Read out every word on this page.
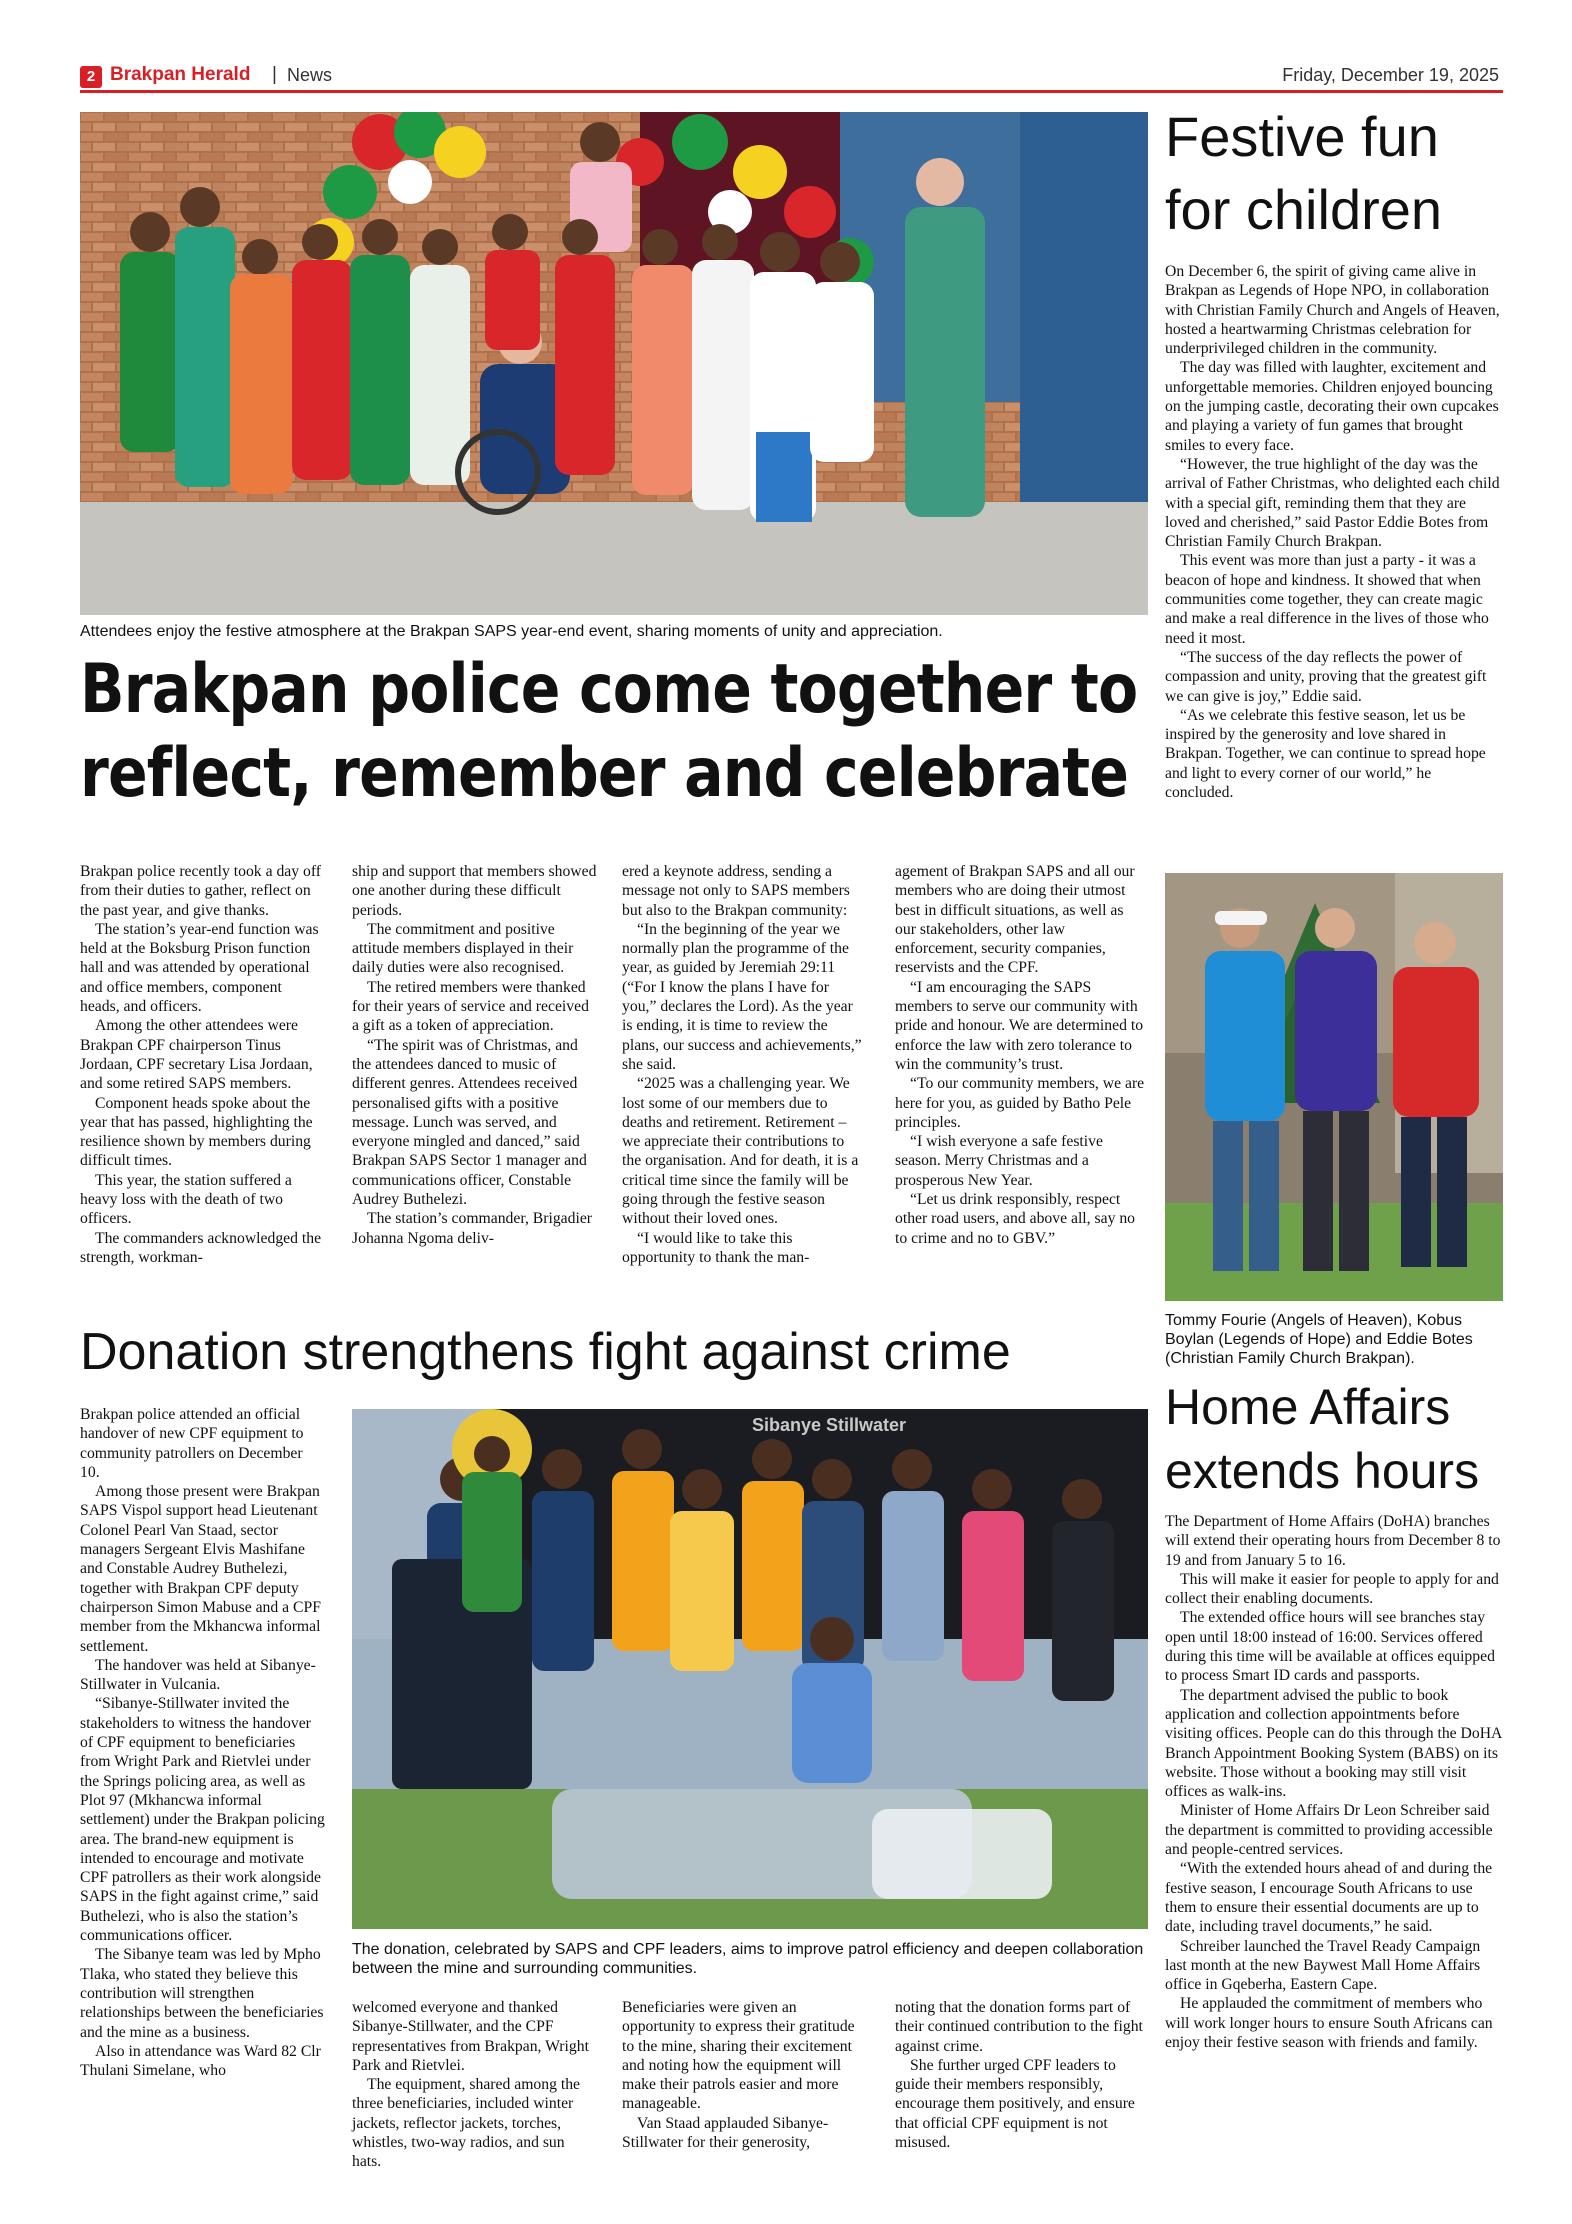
2 Brakpan Herald | News	Friday, December 19, 2025
Attendees enjoy the festive atmosphere at the Brakpan SAPS year-end event, sharing moments of unity and appreciation.
Brakpan police come together to
reflect, remember and celebrate

Brakpan police recently took a day off from their duties to gather, reflect on the past year, and give thanks.

The station’s year-end function was held at the Boksburg Prison function hall and was attended by operational and office members, component heads, and officers.

Among the other attendees were Brakpan CPF chairperson Tinus Jordaan, CPF secretary Lisa Jordaan, and some retired SAPS members.

Component heads spoke about the year that has passed, highlighting the resilience shown by members during difficult times.

This year, the station suffered a heavy loss with the death of two officers.

The commanders acknowledged the strength, workman-

ship and support that members showed one another during these difficult periods.

The commitment and positive attitude members displayed in their daily duties were also recognised.

The retired members were thanked for their years of service and received a gift as a token of appreciation.

“The spirit was of Christmas, and the attendees danced to music of different genres. Attendees received personalised gifts with a positive message. Lunch was served, and everyone mingled and danced,” said Brakpan SAPS Sector 1 manager and communications officer, Constable Audrey Buthelezi.

The station’s commander, Brigadier Johanna Ngoma deliv-

ered a keynote address, sending a message not only to SAPS members but also to the Brakpan community:

“In the beginning of the year we normally plan the programme of the year, as guided by Jeremiah 29:11 (“For I know the plans I have for you,” declares the Lord). As the year is ending, it is time to review the plans, our success and achievements,” she said.

“2025 was a challenging year. We lost some of our members due to deaths and retirement. Retirement – we appreciate their contributions to the organisation. And for death, it is a critical time since the family will be going through the festive season without their loved ones.

“I would like to take this opportunity to thank the man-

agement of Brakpan SAPS and all our members who are doing their utmost best in difficult situations, as well as our stakeholders, other law enforcement, security companies, reservists and the CPF.

“I am encouraging the SAPS members to serve our community with pride and honour. We are determined to enforce the law with zero tolerance to win the community’s trust.

“To our community members, we are here for you, as guided by Batho Pele principles.

“I wish everyone a safe festive season. Merry Christmas and a prosperous New Year.

“Let us drink responsibly, respect other road users, and above all, say no to crime and no to GBV.”

Festive fun
for children

On December 6, the spirit of giving came alive in Brakpan as Legends of Hope NPO, in collaboration with Christian Family Church and Angels of Heaven, hosted a heartwarming Christmas celebration for underprivileged children in the community.

The day was filled with laughter, excitement and unforgettable memories. Children enjoyed bouncing on the jumping castle, decorating their own cupcakes and playing a variety of fun games that brought smiles to every face.

“However, the true highlight of the day was the arrival of Father Christmas, who delighted each child with a special gift, reminding them that they are loved and cherished,” said Pastor Eddie Botes from Christian Family Church Brakpan.

This event was more than just a party - it was a beacon of hope and kindness. It showed that when communities come together, they can create magic and make a real difference in the lives of those who need it most.

“The success of the day reflects the power of compassion and unity, proving that the greatest gift we can give is joy,” Eddie said.

“As we celebrate this festive season, let us be inspired by the generosity and love shared in Brakpan. Together, we can continue to spread hope and light to every corner of our world,” he concluded.

Tommy Fourie (Angels of Heaven), Kobus Boylan (Legends of Hope) and Eddie Botes (Christian Family Church Brakpan).
Donation strengthens fight against crime

Brakpan police attended an official handover of new CPF equipment to community patrollers on December 10.

Among those present were Brakpan SAPS Vispol support head Lieutenant Colonel Pearl Van Staad, sector managers Sergeant Elvis Mashifane and Constable Audrey Buthelezi, together with Brakpan CPF deputy chairperson Simon Mabuse and a CPF member from the Mkhancwa informal settlement.

The handover was held at Sibanye-Stillwater in Vulcania.

“Sibanye-Stillwater invited the stakeholders to witness the handover of CPF equipment to beneficiaries from Wright Park and Rietvlei under the Springs policing area, as well as Plot 97 (Mkhancwa informal settlement) under the Brakpan policing area. The brand-new equipment is intended to encourage and motivate CPF patrollers as their work alongside SAPS in the fight against crime,” said Buthelezi, who is also the station’s communications officer.

The Sibanye team was led by Mpho Tlaka, who stated they believe this contribution will strengthen relationships between the beneficiaries and the mine as a business.

Also in attendance was Ward 82 Clr Thulani Simelane, who

Sibanye Stillwater
The donation, celebrated by SAPS and CPF leaders, aims to improve patrol efficiency and deepen collaboration between the mine and surrounding communities.

welcomed everyone and thanked Sibanye-Stillwater, and the CPF representatives from Brakpan, Wright Park and Rietvlei.

The equipment, shared among the three beneficiaries, included winter jackets, reflector jackets, torches, whistles, two-way radios, and sun hats.

Beneficiaries were given an opportunity to express their gratitude to the mine, sharing their excitement and noting how the equipment will make their patrols easier and more manageable.

Van Staad applauded Sibanye-Stillwater for their generosity,

noting that the donation forms part of their continued contribution to the fight against crime.

She further urged CPF leaders to guide their members responsibly, encourage them positively, and ensure that official CPF equipment is not misused.

Home Affairs
extends hours

The Department of Home Affairs (DoHA) branches will extend their operating hours from December 8 to 19 and from January 5 to 16.

This will make it easier for people to apply for and collect their enabling documents.

The extended office hours will see branches stay open until 18:00 instead of 16:00. Services offered during this time will be available at offices equipped to process Smart ID cards and passports.

The department advised the public to book application and collection appointments before visiting offices. People can do this through the DoHA Branch Appointment Booking System (BABS) on its website. Those without a booking may still visit offices as walk-ins.

Minister of Home Affairs Dr Leon Schreiber said the department is committed to providing accessible and people-centred services.

“With the extended hours ahead of and during the festive season, I encourage South Africans to use them to ensure their essential documents are up to date, including travel documents,” he said.

Schreiber launched the Travel Ready Campaign last month at the new Baywest Mall Home Affairs office in Gqeberha, Eastern Cape.

He applauded the commitment of members who will work longer hours to ensure South Africans can enjoy their festive season with friends and family.
